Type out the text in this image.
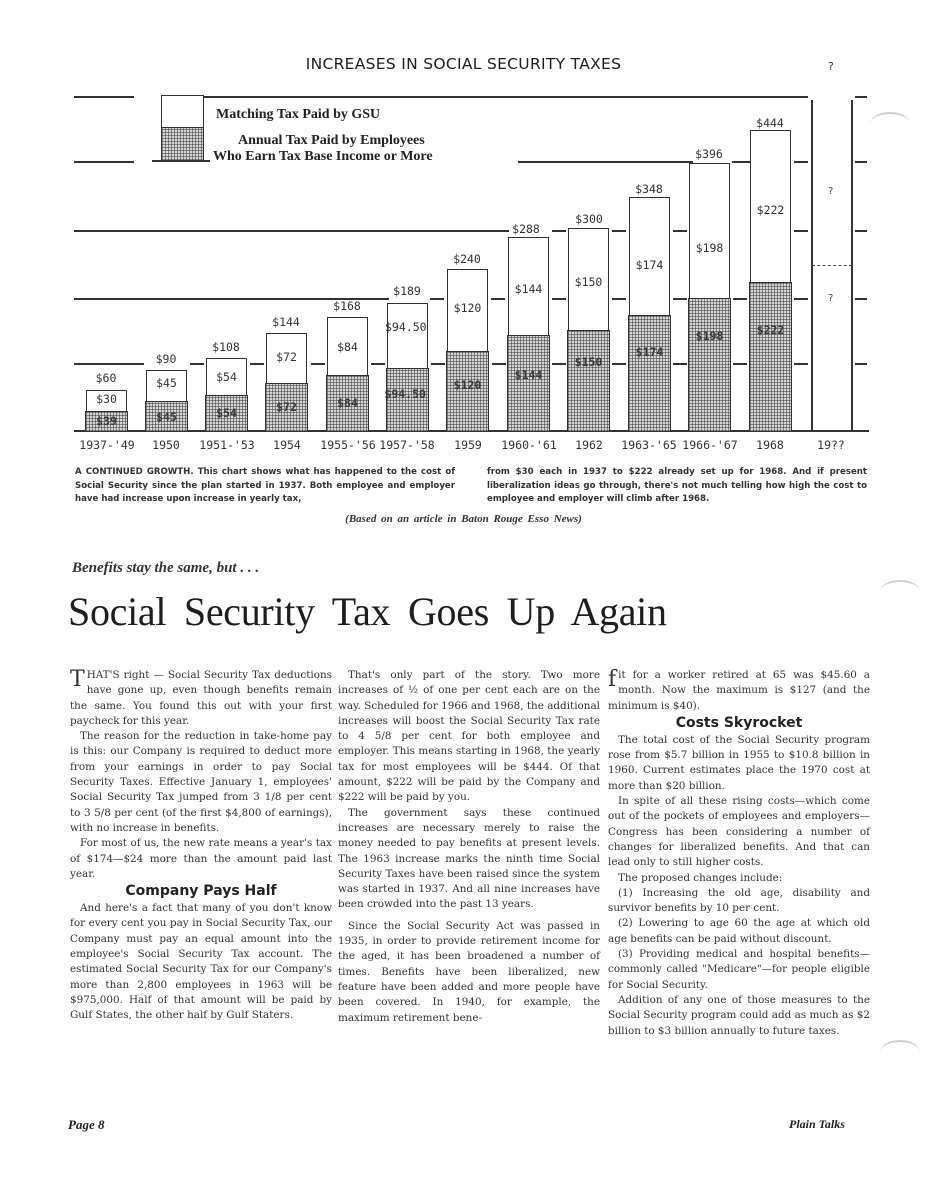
?
?
Matching Tax Paid by GSU
Annual Tax Paid by Employees
Who Earn Tax Base Income or More
$30
$39
$60	$45
$45
$90
$54
$54
$108
$72
$72
$144
$84
$84
$168
$94.50
$94.50
$189
$120
$120
$240
$144
$144
$288
$150
$150
$300
$174
$174
$348
$198
$198
$396
$222
$222
$444
1937-'49	1950	1951-'53	1954	1955-'56 1957-'58	1959	1960-'61	1962	1963-'65 1966-'67	1968	19??
INCREASES IN SOCIAL SECURITY TAXES	?
A CONTINUED GROWTH. This chart shows what has happened to the cost of Social Security since the plan started in 1937. Both employee and employer have had increase upon increase in yearly tax,
from $30 each in 1937 to $222 already set up for 1968. And if present liberalization ideas go through, there's not much telling how high the cost to employee and employer will climb after 1968.
(Based on an article in Baton Rouge Esso News)
Benefits stay the same, but . . .
Social Security Tax Goes Up Again

THAT'S right — Social Security Tax deductions have gone up, even though benefits remain the same. You found this out with your first paycheck for this year.

The reason for the reduction in take-home pay is this: our Company is required to deduct more from your earnings in order to pay Social Security Taxes. Effective January 1, employees' Social Security Tax jumped from 3 1/8 per cent to 3 5/8 per cent (of the first $4,800 of earnings), with no increase in benefits.

For most of us, the new rate means a year's tax of $174—$24 more than the amount paid last year.

Company Pays Half

And here's a fact that many of you don't know for every cent you pay in Social Security Tax, our Company must pay an equal amount into the employee's Social Security Tax account. The estimated Social Security Tax for our Company's more than 2,800 employees in 1963 will be $975,000. Half of that amount will be paid by Gulf States, the other half by Gulf Staters.

That's only part of the story. Two more increases of ½ of one per cent each are on the way. Scheduled for 1966 and 1968, the additional increases will boost the Social Security Tax rate to 4 5/8 per cent for both employee and employer. This means starting in 1968, the yearly tax for most employees will be $444. Of that amount, $222 will be paid by the Company and $222 will be paid by you.

The government says these continued increases are necessary merely to raise the money needed to pay benefits at present levels. The 1963 increase marks the ninth time Social Security Taxes have been raised since the system was started in 1937. And all nine increases have been crowded into the past 13 years.

Since the Social Security Act was passed in 1935, in order to provide retirement income for the aged, it has been broadened a number of times. Benefits have been liberalized, new feature have been added and more people have been covered. In 1940, for example, the maximum retirement bene-

fit for a worker retired at 65 was $45.60 a month. Now the maximum is $127 (and the minimum is $40).

Costs Skyrocket

The total cost of the Social Security program rose from $5.7 billion in 1955 to $10.8 billion in 1960. Current estimates place the 1970 cost at more than $20 billion.

In spite of all these rising costs—which come out of the pockets of employees and employers—Congress has been considering a number of changes for liberalized benefits. And that can lead only to still higher costs.

The proposed changes include:

(1) Increasing the old age, disability and survivor benefits by 10 per cent.

(2) Lowering to age 60 the age at which old age benefits can be paid without discount.

(3) Providing medical and hospital benefits—commonly called "Medicare"—for people eligible for Social Security.

Addition of any one of those measures to the Social Security program could add as much as $2 billion to $3 billion annually to future taxes.

Page 8	Plain Talks
